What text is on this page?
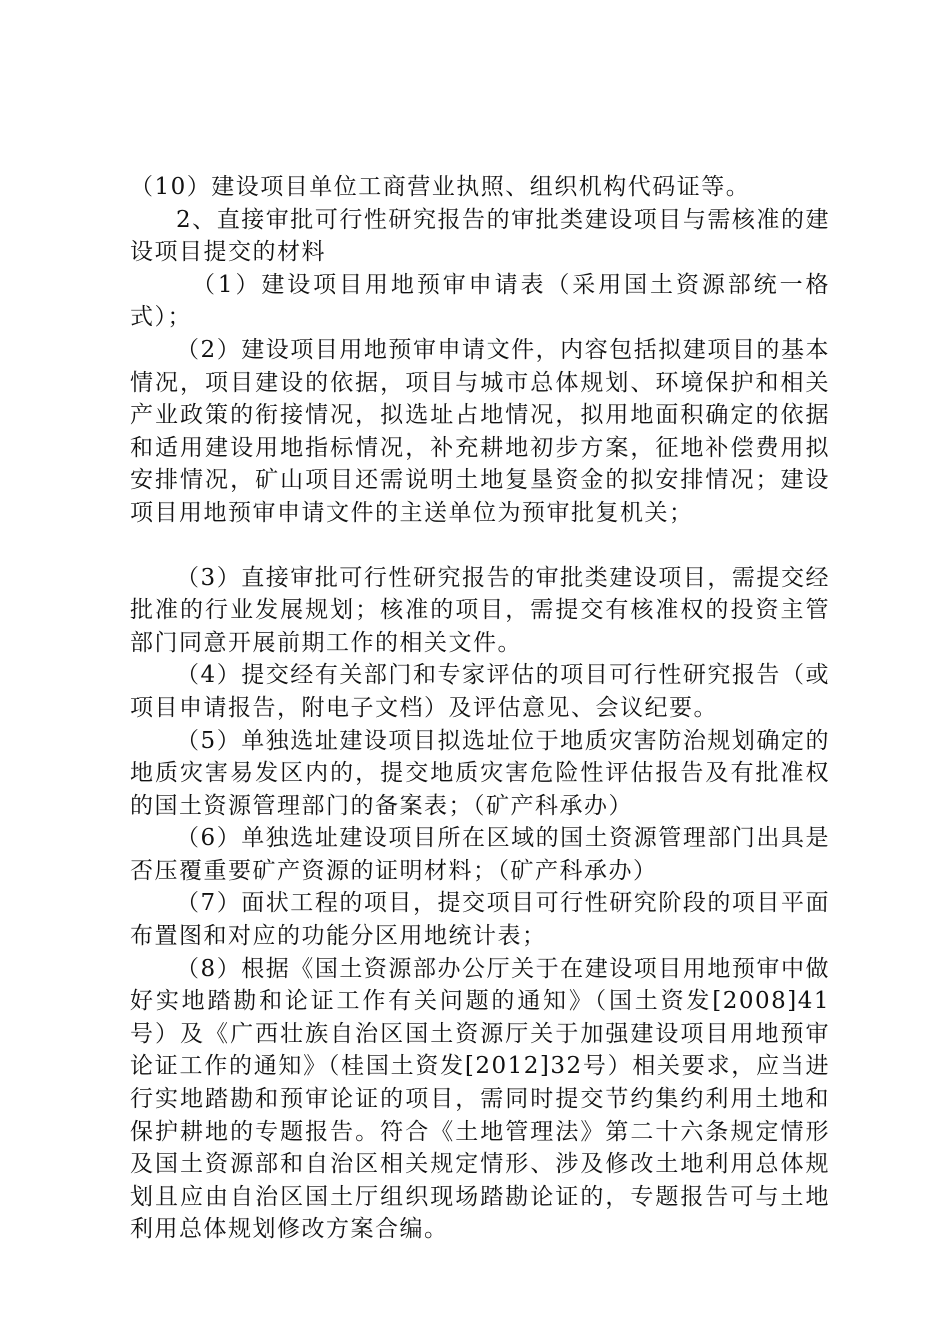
（10）建设项目单位工商营业执照、组织机构代码证等。

2、直接审批可行性研究报告的审批类建设项目与需核准的建设项目提交的材料

（1）建设项目用地预审申请表（采用国土资源部统一格式）；

（2）建设项目用地预审申请文件，内容包括拟建项目的基本情况，项目建设的依据，项目与城市总体规划、环境保护和相关产业政策的衔接情况，拟选址占地情况，拟用地面积确定的依据和适用建设用地指标情况，补充耕地初步方案，征地补偿费用拟安排情况，矿山项目还需说明土地复垦资金的拟安排情况；建设项目用地预审申请文件的主送单位为预审批复机关；

（3）直接审批可行性研究报告的审批类建设项目，需提交经批准的行业发展规划；核准的项目，需提交有核准权的投资主管部门同意开展前期工作的相关文件。

（4）提交经有关部门和专家评估的项目可行性研究报告（或项目申请报告，附电子文档）及评估意见、会议纪要。

（5）单独选址建设项目拟选址位于地质灾害防治规划确定的地质灾害易发区内的，提交地质灾害危险性评估报告及有批准权的国土资源管理部门的备案表；（矿产科承办）

（6）单独选址建设项目所在区域的国土资源管理部门出具是否压覆重要矿产资源的证明材料；（矿产科承办）

（7）面状工程的项目，提交项目可行性研究阶段的项目平面布置图和对应的功能分区用地统计表；

（8）根据《国土资源部办公厅关于在建设项目用地预审中做好实地踏勘和论证工作有关问题的通知》（国土资发[2008]41号）及《广西壮族自治区国土资源厅关于加强建设项目用地预审论证工作的通知》（桂国土资发[2012]32号）相关要求，应当进行实地踏勘和预审论证的项目，需同时提交节约集约利用土地和保护耕地的专题报告。符合《土地管理法》第二十六条规定情形及国土资源部和自治区相关规定情形、涉及修改土地利用总体规划且应由自治区国土厅组织现场踏勘论证的，专题报告可与土地利用总体规划修改方案合编。
